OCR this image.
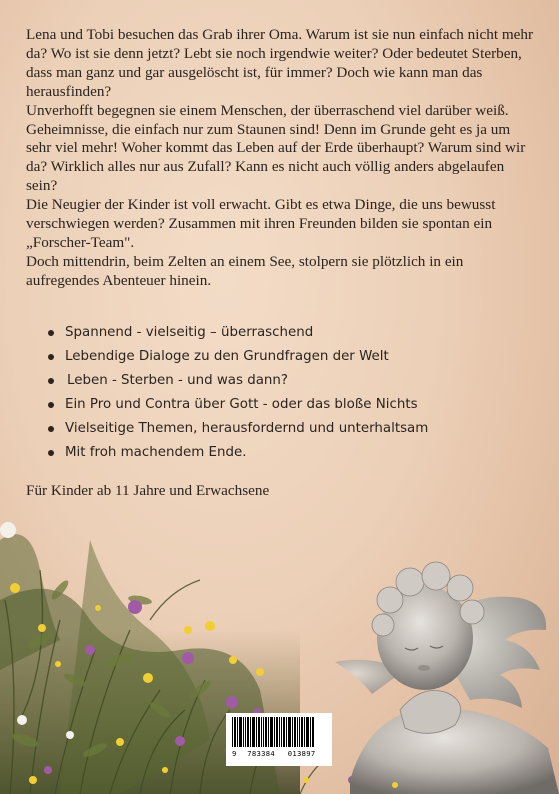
Lena und Tobi besuchen das Grab ihrer Oma. Warum ist sie nun einfach nicht mehr da? Wo ist sie denn jetzt? Lebt sie noch irgendwie weiter? Oder bedeutet Sterben, dass man ganz und gar ausgelöscht ist, für immer? Doch wie kann man das herausfinden?

Unverhofft begegnen sie einem Menschen, der überraschend viel darüber weiß. Geheimnisse, die einfach nur zum Staunen sind! Denn im Grunde geht es ja um sehr viel mehr! Woher kommt das Leben auf der Erde überhaupt? Warum sind wir da? Wirklich alles nur aus Zufall? Kann es nicht auch völlig anders abgelaufen sein?

Die Neugier der Kinder ist voll erwacht. Gibt es etwa Dinge, die uns bewusst verschwiegen werden? Zusammen mit ihren Freunden bilden sie spontan ein „Forscher-Team".

Doch mittendrin, beim Zelten an einem See, stolpern sie plötzlich in ein aufregendes Abenteuer hinein.

Spannend - vielseitig – überraschend
Lebendige Dialoge zu den Grundfragen der Welt
Leben - Sterben - und was dann?
Ein Pro und Contra über Gott - oder das bloße Nichts
Vielseitige Themen, herausfordernd und unterhaltsam
Mit froh machendem Ende.

Für Kinder ab 11 Jahre und Erwachsene

9 783384 013897
